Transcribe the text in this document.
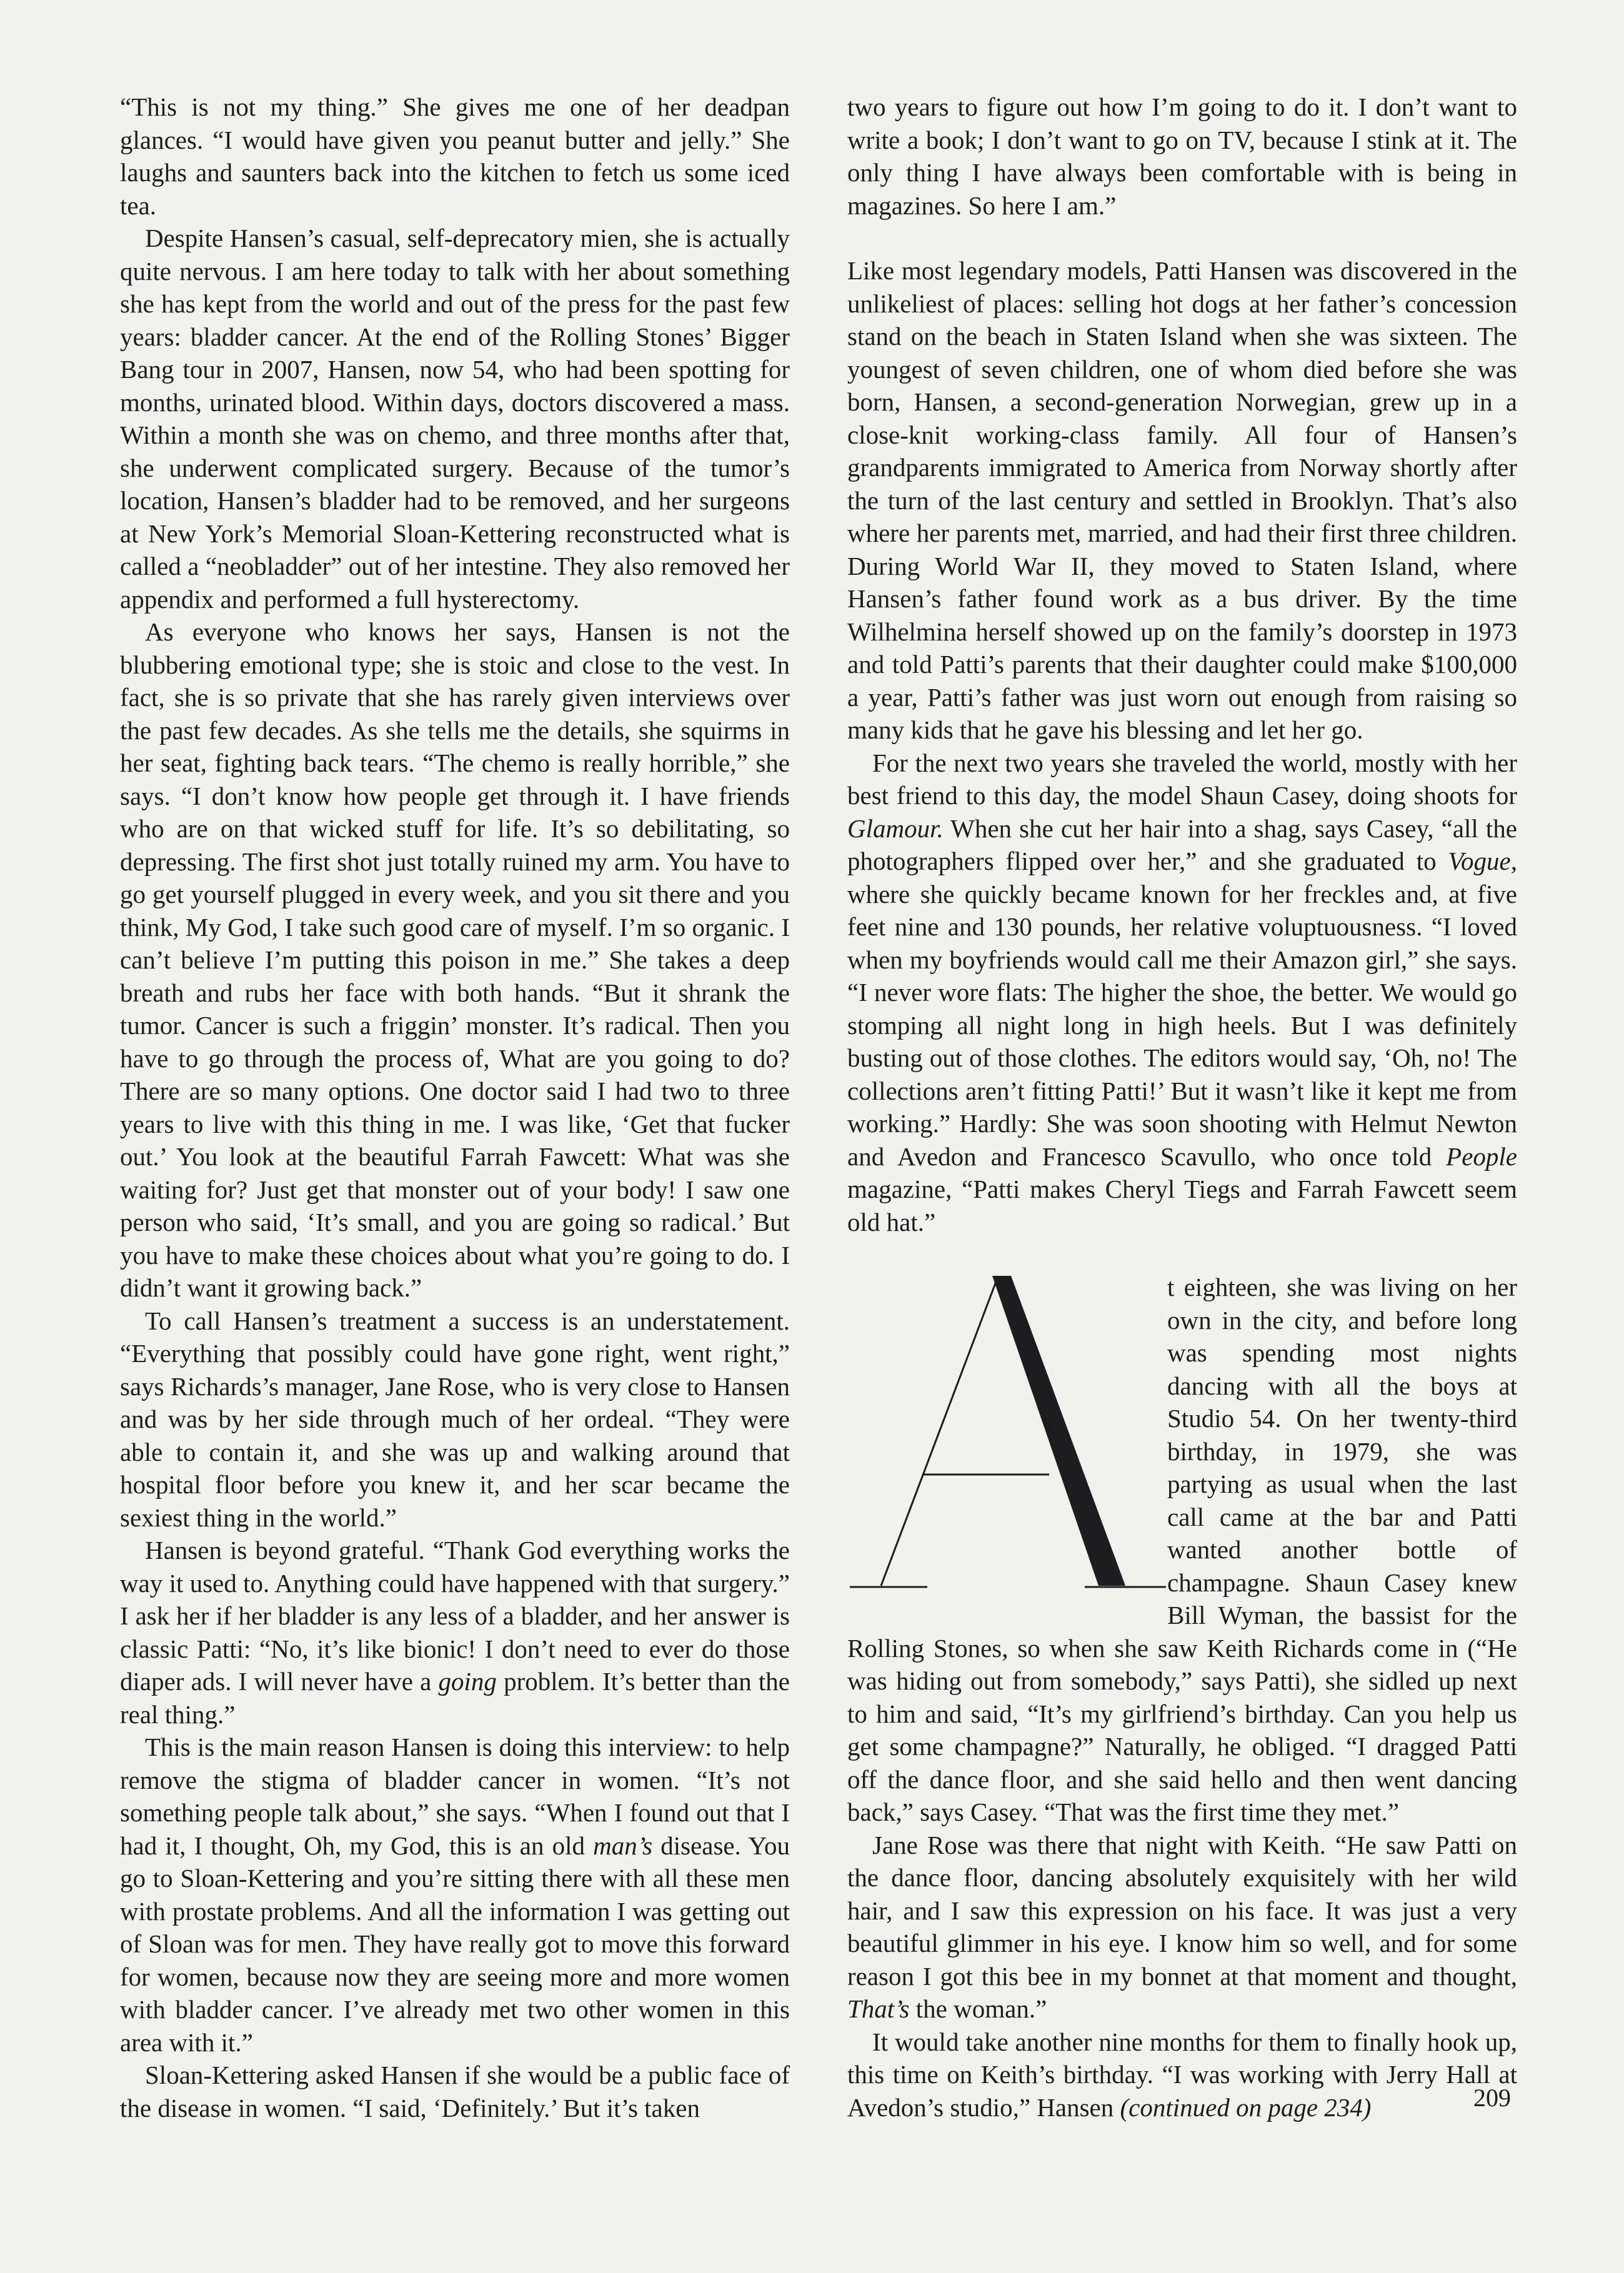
“This is not my thing.” She gives me one of her deadpan glances. “I would have given you peanut butter and jelly.” She laughs and saunters back into the kitchen to fetch us some iced tea.

Despite Hansen’s casual, self-deprecatory mien, she is actually quite nervous. I am here today to talk with her about something she has kept from the world and out of the press for the past few years: bladder cancer. At the end of the Rolling Stones’ Bigger Bang tour in 2007, Hansen, now 54, who had been spotting for months, urinated blood. Within days, doctors discovered a mass. Within a month she was on chemo, and three months after that, she underwent complicated surgery. Because of the tumor’s location, Hansen’s bladder had to be removed, and her surgeons at New York’s Memorial Sloan-Kettering reconstructed what is called a “neobladder” out of her intestine. They also removed her appendix and performed a full hysterectomy.

As everyone who knows her says, Hansen is not the blubbering emotional type; she is stoic and close to the vest. In fact, she is so private that she has rarely given interviews over the past few decades. As she tells me the details, she squirms in her seat, fighting back tears. “The chemo is really horrible,” she says. “I don’t know how people get through it. I have friends who are on that wicked stuff for life. It’s so debilitating, so depressing. The first shot just totally ruined my arm. You have to go get yourself plugged in every week, and you sit there and you think, My God, I take such good care of myself. I’m so organic. I can’t believe I’m putting this poison in me.” She takes a deep breath and rubs her face with both hands. “But it shrank the tumor. Cancer is such a friggin’ monster. It’s radical. Then you have to go through the process of, What are you going to do? There are so many options. One doctor said I had two to three years to live with this thing in me. I was like, ‘Get that fucker out.’ You look at the beautiful Farrah Fawcett: What was she waiting for? Just get that monster out of your body! I saw one person who said, ‘It’s small, and you are going so radical.’ But you have to make these choices about what you’re going to do. I didn’t want it growing back.”

To call Hansen’s treatment a success is an understatement. “Everything that possibly could have gone right, went right,” says Richards’s manager, Jane Rose, who is very close to Hansen and was by her side through much of her ordeal. “They were able to contain it, and she was up and walking around that hospital floor before you knew it, and her scar became the sexiest thing in the world.”

Hansen is beyond grateful. “Thank God everything works the way it used to. Anything could have happened with that surgery.” I ask her if her bladder is any less of a bladder, and her answer is classic Patti: “No, it’s like bionic! I don’t need to ever do those diaper ads. I will never have a going problem. It’s better than the real thing.”

This is the main reason Hansen is doing this interview: to help remove the stigma of bladder cancer in women. “It’s not something people talk about,” she says. “When I found out that I had it, I thought, Oh, my God, this is an old man’s disease. You go to Sloan-Kettering and you’re sitting there with all these men with prostate problems. And all the information I was getting out of Sloan was for men. They have really got to move this forward for women, because now they are seeing more and more women with bladder cancer. I’ve already met two other women in this area with it.”

Sloan-Kettering asked Hansen if she would be a public face of the disease in women. “I said, ‘Definitely.’ But it’s taken

two years to figure out how I’m going to do it. I don’t want to write a book; I don’t want to go on TV, because I stink at it. The only thing I have always been comfortable with is being in magazines. So here I am.”

Like most legendary models, Patti Hansen was discovered in the unlikeliest of places: selling hot dogs at her father’s concession stand on the beach in Staten Island when she was sixteen. The youngest of seven children, one of whom died before she was born, Hansen, a second-generation Norwegian, grew up in a close-knit working-class family. All four of Hansen’s grandparents immigrated to America from Norway shortly after the turn of the last century and settled in Brooklyn. That’s also where her parents met, married, and had their first three children. During World War II, they moved to Staten Island, where Hansen’s father found work as a bus driver. By the time Wilhelmina herself showed up on the family’s doorstep in 1973 and told Patti’s parents that their daughter could make $100,000 a year, Patti’s father was just worn out enough from raising so many kids that he gave his blessing and let her go.

For the next two years she traveled the world, mostly with her best friend to this day, the model Shaun Casey, doing shoots for Glamour. When she cut her hair into a shag, says Casey, “all the photographers flipped over her,” and she graduated to Vogue, where she quickly became known for her freckles and, at five feet nine and 130 pounds, her relative voluptuousness. “I loved when my boyfriends would call me their Amazon girl,” she says. “I never wore flats: The higher the shoe, the better. We would go stomping all night long in high heels. But I was definitely busting out of those clothes. The editors would say, ‘Oh, no! The collections aren’t fitting Patti!’ But it wasn’t like it kept me from working.” Hardly: She was soon shooting with Helmut Newton and Avedon and Francesco Scavullo, who once told People magazine, “Patti makes Cheryl Tiegs and Farrah Fawcett seem old hat.”

t eighteen, she was living on her own in the city, and before long was spending most nights dancing with all the boys at Studio 54. On her twenty-third birthday, in 1979, she was partying as usual when the last call came at the bar and Patti wanted another bottle of champagne. Shaun Casey knew Bill Wyman, the bassist for the Rolling Stones, so when she saw Keith Richards come in (“He was hiding out from somebody,” says Patti), she sidled up next to him and said, “It’s my girlfriend’s birthday. Can you help us get some champagne?” Naturally, he obliged. “I dragged Patti off the dance floor, and she said hello and then went dancing back,” says Casey. “That was the first time they met.”

Jane Rose was there that night with Keith. “He saw Patti on the dance floor, dancing absolutely exquisitely with her wild hair, and I saw this expression on his face. It was just a very beautiful glimmer in his eye. I know him so well, and for some reason I got this bee in my bonnet at that moment and thought, That’s the woman.”

It would take another nine months for them to finally hook up, this time on Keith’s birthday. “I was working with Jerry Hall at Avedon’s studio,” Hansen (continued on page 234)	209
